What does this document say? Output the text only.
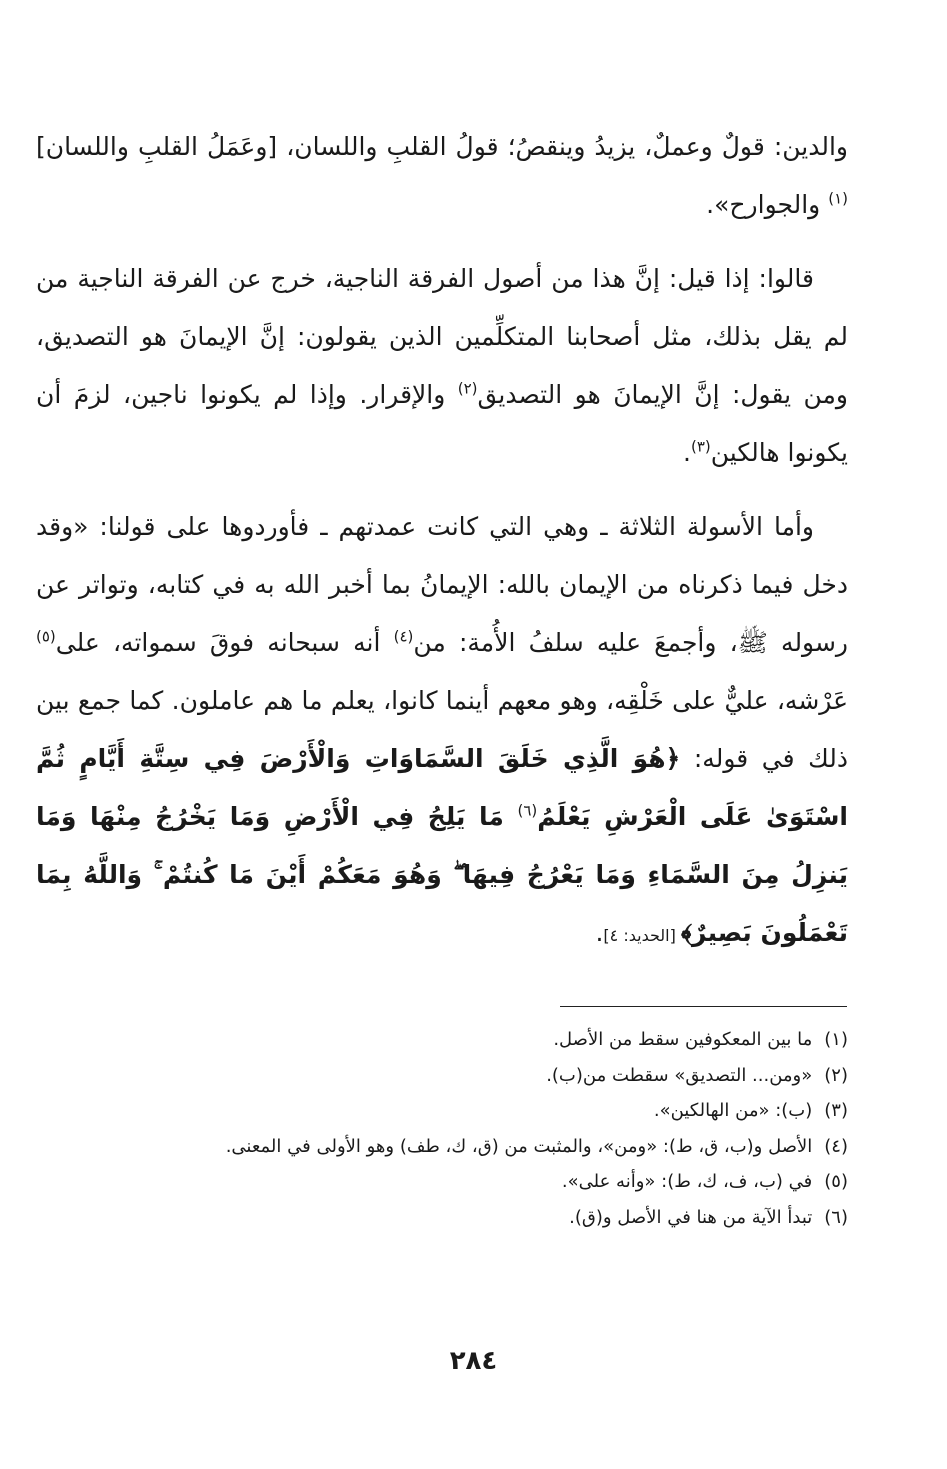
والدين: قولٌ وعملٌ، يزيدُ وينقصُ؛ قولُ القلبِ واللسان، [وعَمَلُ القلبِ واللسان]$^{(١)}$ والجوارح».

قالوا: إذا قيل: إنَّ هذا من أصول الفرقة الناجية، خرج عن الفرقة الناجية من لم يقل بذلك، مثل أصحابنا المتكلِّمين الذين يقولون: إنَّ الإيمانَ هو التصديق، ومن يقول: إنَّ الإيمانَ هو التصديق$^{(٢)}$ والإقرار. وإذا لم يكونوا ناجين، لزمَ أن يكونوا هالكين$^{(٣)}$.

وأما الأسولة الثلاثة ـ وهي التي كانت عمدتهم ـ فأوردوها على قولنا: «وقد دخل فيما ذكرناه من الإيمان بالله: الإيمانُ بما أخبر الله به في كتابه، وتواتر عن رسوله ﷺ، وأجمعَ عليه سلفُ الأُمة: من$^{(٤)}$ أنه سبحانه فوقَ سمواته، على$^{(٥)}$ عَرْشه، عليٌّ على خَلْقِه، وهو معهم أينما كانوا، يعلم ما هم عاملون. كما جمع بين ذلك في قوله: ﴿هُوَ الَّذِي خَلَقَ السَّمَاوَاتِ وَالْأَرْضَ فِي سِتَّةِ أَيَّامٍ ثُمَّ اسْتَوَىٰ عَلَى الْعَرْشِ يَعْلَمُ$^{(٦)}$ مَا يَلِجُ فِي الْأَرْضِ وَمَا يَخْرُجُ مِنْهَا وَمَا يَنزِلُ مِنَ السَّمَاءِ وَمَا يَعْرُجُ فِيهَا ۖ وَهُوَ مَعَكُمْ أَيْنَ مَا كُنتُمْ ۚ وَاللَّهُ بِمَا تَعْمَلُونَ بَصِيرٌ﴾ [الحديد: ٤].

(١)ما بين المعكوفين سقط من الأصل.
(٢)«ومن... التصديق» سقطت من(ب).
(٣)(ب): «من الهالكين».
(٤)الأصل و(ب، ق، ط): «ومن»، والمثبت من (ق، ك، طف) وهو الأولى في المعنى.
(٥)في (ب، ف، ك، ط): «وأنه على».
(٦)تبدأ الآية من هنا في الأصل و(ق).
٢٨٤
